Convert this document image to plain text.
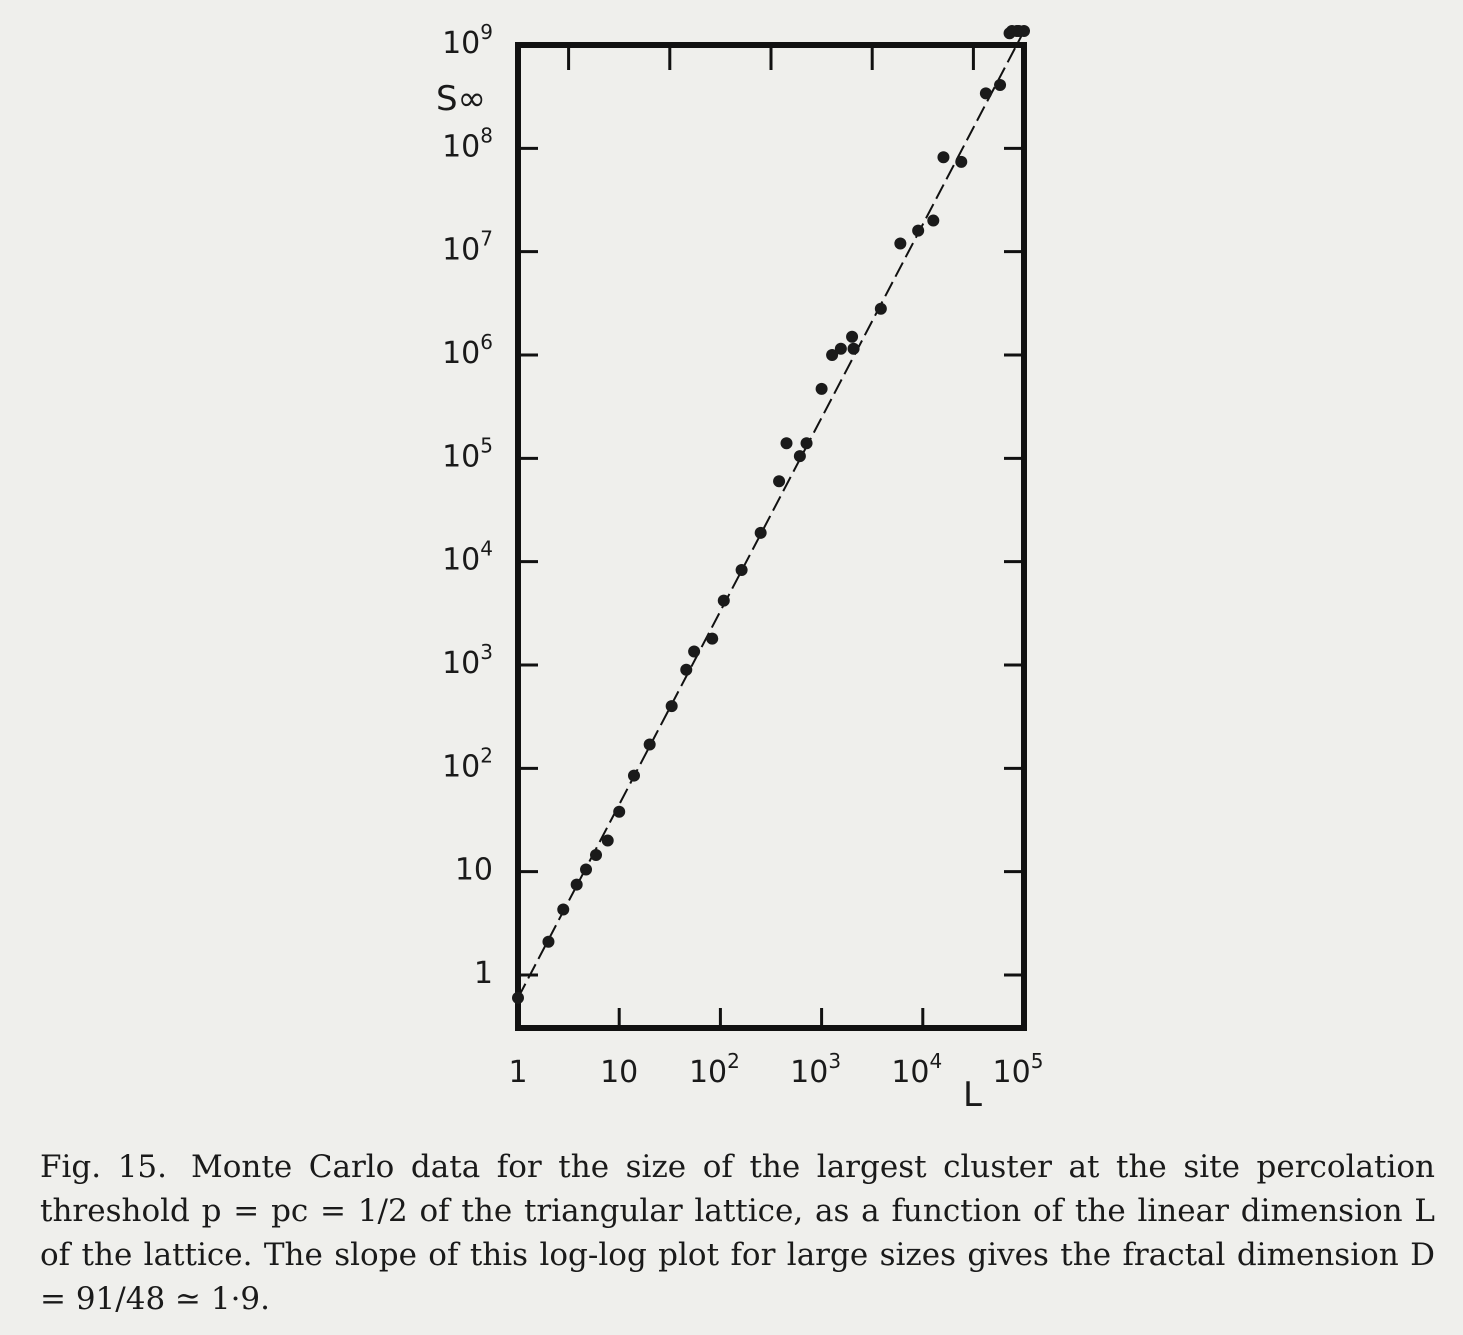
1
10
$10^2$
$10^3$
$10^4$
$10^5$
$10^6$
$10^7$
$10^8$
$10^9$
1 10 $10^2$ $10^3$ $10^4$ $10^5$
S∞
L
Fig. 15. Monte Carlo data for the size of the largest cluster at the site percolation threshold p = pc = 1/2 of the triangular lattice, as a function of the linear dimension L of the lattice. The slope of this log-log plot for large sizes gives the fractal dimension D = 91/48 ≃ 1·9.
